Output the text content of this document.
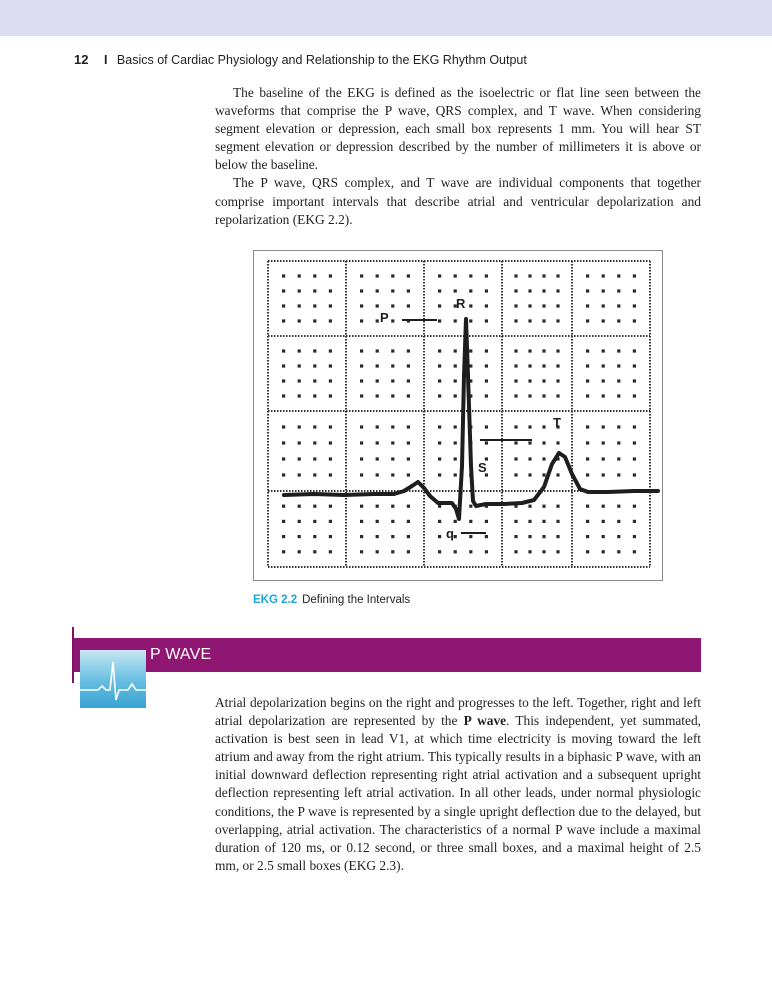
12 I Basics of Cardiac Physiology and Relationship to the EKG Rhythm Output

The baseline of the EKG is defined as the isoelectric or flat line seen between the waveforms that comprise the P wave, QRS complex, and T wave. When considering segment elevation or depression, each small box represents 1 mm. You will hear ST segment elevation or depression described by the number of millimeters it is above or below the baseline.

The P wave, QRS complex, and T wave are individual components that together comprise important intervals that describe atrial and ventricular depolarization and repolarization (EKG 2.2).

P
R
T
S
q
EKG 2.2 Defining the Intervals
P WAVE

Atrial depolarization begins on the right and progresses to the left. Together, right and left atrial depolarization are represented by the P wave. This independent, yet summated, activation is best seen in lead V1, at which time electricity is moving toward the left atrium and away from the right atrium. This typically results in a biphasic P wave, with an initial downward deflection representing right atrial activation and a subsequent upright deflection representing left atrial activation. In all other leads, under normal physiologic conditions, the P wave is represented by a single upright deflection due to the delayed, but overlapping, atrial activation. The characteristics of a normal P wave include a maximal duration of 120 ms, or 0.12 second, or three small boxes, and a maximal height of 2.5 mm, or 2.5 small boxes (EKG 2.3).
